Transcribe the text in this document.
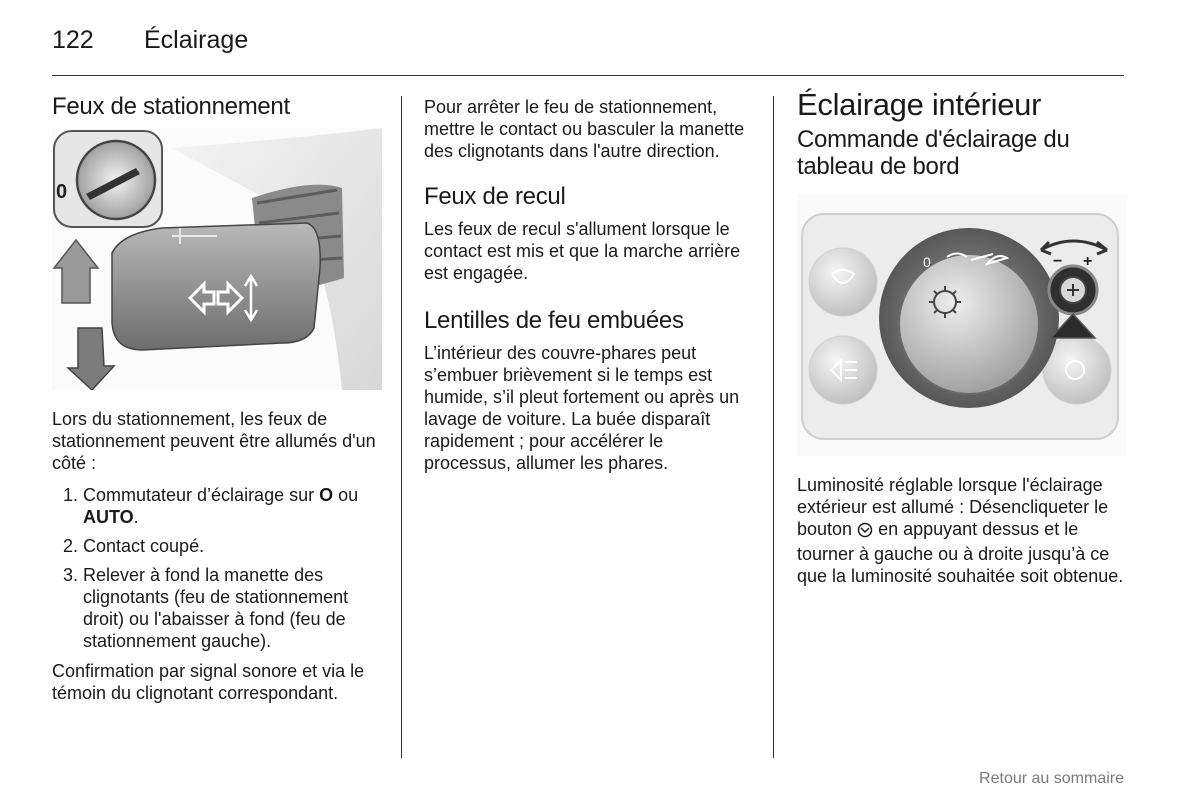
122 Éclairage
Feux de stationnement
0

Lors du stationnement, les feux de stationnement peuvent être allumés d'un côté :

1. Commutateur d’éclairage sur O ou AUTO.
2. Contact coupé.
3. Relever à fond la manette des clignotants (feu de stationnement droit) ou l'abaisser à fond (feu de stationnement gauche).

Confirmation par signal sonore et via le témoin du clignotant correspondant.

Pour arrêter le feu de stationnement, mettre le contact ou basculer la manette des clignotants dans l'autre direction.

Feux de recul

Les feux de recul s'allument lorsque le contact est mis et que la marche arrière est engagée.

Lentilles de feu embuées

L’intérieur des couvre-phares peut s’embuer brièvement si le temps est humide, s’il pleut fortement ou après un lavage de voiture. La buée disparaît rapidement ; pour accélérer le processus, allumer les phares.

Éclairage intérieur
Commande d'éclairage du tableau de bord
0	− +

Luminosité réglable lorsque l'éclairage extérieur est allumé : Désencliqueter le bouton  en appuyant dessus et le tourner à gauche ou à droite jusqu’à ce que la luminosité souhaitée soit obtenue.

Retour au sommaire
